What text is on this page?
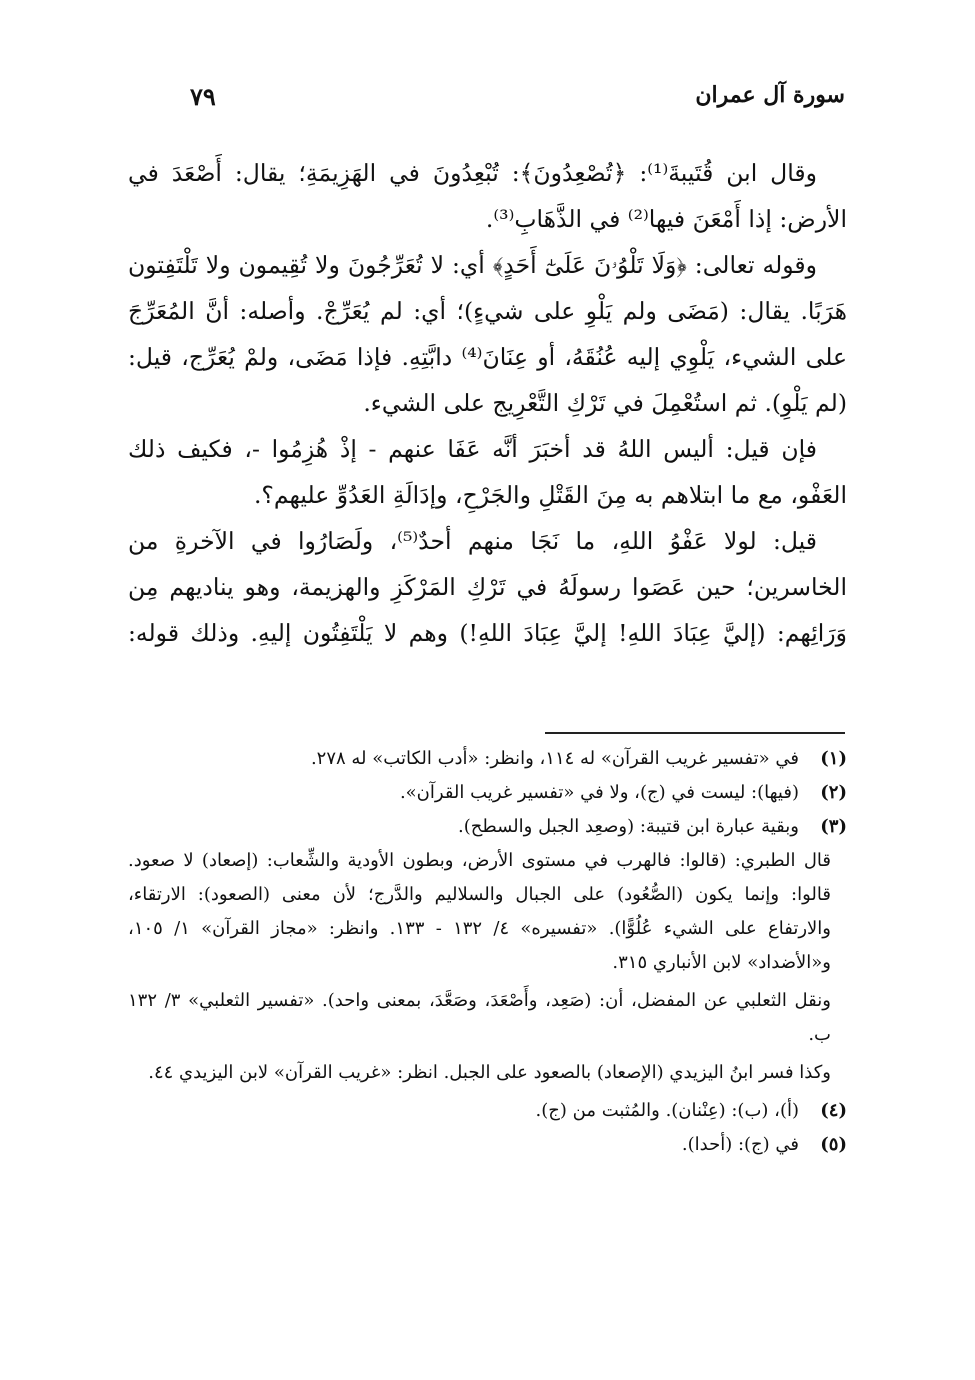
سورة آل عمران
٧٩

وقال ابن قُتَيبةَ⁽¹⁾: ﴿تُصْعِدُونَ﴾: تُبْعِدُونَ في الهَزِيمَةِ؛ يقال: أَصْعَدَ في الأرض: إذا أَمْعَنَ فيها⁽²⁾ في الذَّهَابِ⁽³⁾.

وقوله تعالى: ﴿وَلَا تَلْوُۥنَ عَلَىٰٓ أَحَدٍ﴾ أي: لا تُعَرِّجُونَ ولا تُقِيمون ولا تَلْتَفِتون هَرَبًا. يقال: (مَضَى ولم يَلْوِ على شيءٍ)؛ أي: لم يُعَرِّجْ. وأصله: أنَّ المُعَرِّجَ على الشيء، يَلْوِي إليه عُنُقَهُ، أو عِنَانَ⁽⁴⁾ دابَّتِهِ. فإذا مَضَى، ولمْ يُعَرِّج، قيل: (لم يَلْوِ). ثم استُعْمِلَ في تَرْكِ التَّعْرِيج على الشيء.

فإن قيل: أليس اللهُ قد أخبَرَ أنَّه عَفَا عنهم - إذْ هُزِمُوا -، فكيف ذلك العَفْو، مع ما ابتلاهم به مِنَ القَتْلِ والجَرْحِ، وإدَالَةِ العَدُوِّ عليهم؟.

قيل: لولا عَفْوُ اللهِ، ما نَجَا منهم أحدٌ⁽⁵⁾، ولَصَارُوا في الآخرةِ من الخاسرين؛ حين عَصَوا رسولَهُ في تَرْكِ المَرْكَزِ والهزيمة، وهو يناديهم مِن وَرَائِهم: (إليَّ عِبَادَ اللهِ! إليَّ عِبَادَ اللهِ!) وهم لا يَلْتَفِتُون إليهِ. وذلك قوله:

(١)
في «تفسير غريب القرآن» له ١١٤، وانظر: «أدب الكاتب» له ٢٧٨.
(٢)
(فيها): ليست في (ج)، ولا في «تفسير غريب القرآن».
(٣)
وبقية عبارة ابن قتيبة: (وصعِد الجبل والسطح).

قال الطبري: (قالوا: فالهرب في مستوى الأرض، وبطون الأودية والشِّعاب: (إصعاد) لا صعود. قالوا: وإنما يكون (الصُّعُود) على الجبال والسلاليم والدَّرج؛ لأن معنى (الصعود): الارتقاء، والارتفاع على الشيء عُلُوًّا). «تفسيره» ٤/ ١٣٢ - ١٣٣. وانظر: «مجاز القرآن» ١/ ١٠٥، و«الأضداد» لابن الأنباري ٣١٥.

ونقل الثعلبي عن المفضل، أن: (صَعِد، وأَصْعَدَ، وصَعَّدَ، بمعنى واحد). «تفسير الثعلبي» ٣/ ١٣٢ ب.

وكذا فسر ابنُ اليزيدي (الإصعاد) بالصعود على الجبل. انظر: «غريب القرآن» لابن اليزيدي ٤٤.

(٤)
(أ)، (ب): (عِنْنان). والمُثبت من (ج).
(٥)
في (ج): (أحدا).
